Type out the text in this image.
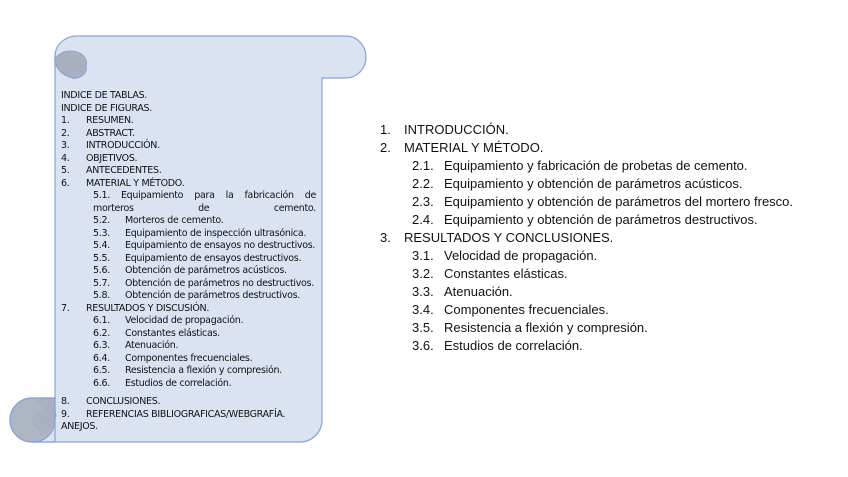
INDICE DE TABLAS.
INDICE DE FIGURAS.
1. RESUMEN.
2. ABSTRACT.
3. INTRODUCCIÓN.
4. OBJETIVOS.
5. ANTECEDENTES.
6. MATERIAL Y MÉTODO.
5.1. Equipamiento para la fabricación de morteros de cemento.
5.2. Morteros de cemento.
5.3. Equipamiento de inspección ultrasónica.
5.4. Equipamiento de ensayos no destructivos.
5.5. Equipamiento de ensayos destructivos.
5.6. Obtención de parámetros acústicos.
5.7. Obtención de parámetros no destructivos.
5.8. Obtención de parámetros destructivos.
7. RESULTADOS Y DISCUSIÓN.
6.1. Velocidad de propagación.
6.2. Constantes elásticas.
6.3. Atenuación.
6.4. Componentes frecuenciales.
6.5. Resistencia a flexión y compresión.
6.6. Estudios de correlación.
8. CONCLUSIONES.
9. REFERENCIAS BIBLIOGRAFICAS/WEBGRAFÍA.
ANEJOS.
1. INTRODUCCIÓN.
2. MATERIAL Y MÉTODO.
2.1. Equipamiento y fabricación de probetas de cemento.
2.2. Equipamiento y obtención de parámetros acústicos.
2.3. Equipamiento y obtención de parámetros del mortero fresco.
2.4. Equipamiento y obtención de parámetros destructivos.
3. RESULTADOS Y CONCLUSIONES.
3.1. Velocidad de propagación.
3.2. Constantes elásticas.
3.3. Atenuación.
3.4. Componentes frecuenciales.
3.5. Resistencia a flexión y compresión.
3.6. Estudios de correlación.
